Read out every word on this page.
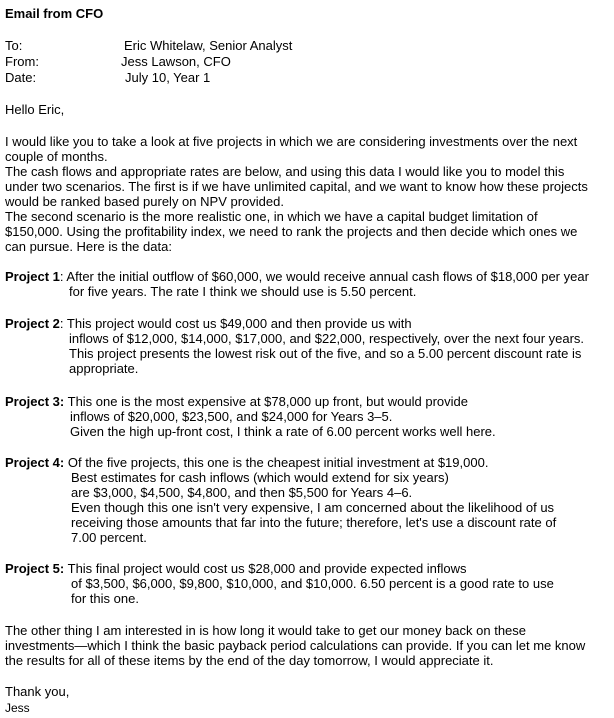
Email from CFO
To:	Eric Whitelaw, Senior Analyst
From:	Jess Lawson, CFO
Date:	July 10, Year 1
Hello Eric,
I would like you to take a look at five projects in which we are considering investments over the next
couple of months.
The cash flows and appropriate rates are below, and using this data I would like you to model this
under two scenarios. The first is if we have unlimited capital, and we want to know how these projects
would be ranked based purely on NPV provided.
The second scenario is the more realistic one, in which we have a capital budget limitation of
$150,000. Using the profitability index, we need to rank the projects and then decide which ones we
can pursue. Here is the data:
Project 1: After the initial outflow of $60,000, we would receive annual cash flows of $18,000 per year
for five years. The rate I think we should use is 5.50 percent.
Project 2: This project would cost us $49,000 and then provide us with
inflows of $12,000, $14,000, $17,000, and $22,000, respectively, over the next four years.
This project presents the lowest risk out of the five, and so a 5.00 percent discount rate is
appropriate.
Project 3: This one is the most expensive at $78,000 up front, but would provide
inflows of $20,000, $23,500, and $24,000 for Years 3–5.
Given the high up-front cost, I think a rate of 6.00 percent works well here.
Project 4: Of the five projects, this one is the cheapest initial investment at $19,000.
Best estimates for cash inflows (which would extend for six years)
are $3,000, $4,500, $4,800, and then $5,500 for Years 4–6.
Even though this one isn't very expensive, I am concerned about the likelihood of us
receiving those amounts that far into the future; therefore, let's use a discount rate of
7.00 percent.
Project 5: This final project would cost us $28,000 and provide expected inflows
of $3,500, $6,000, $9,800, $10,000, and $10,000. 6.50 percent is a good rate to use
for this one.
The other thing I am interested in is how long it would take to get our money back on these
investments—which I think the basic payback period calculations can provide. If you can let me know
the results for all of these items by the end of the day tomorrow, I would appreciate it.
Thank you,
Jess
